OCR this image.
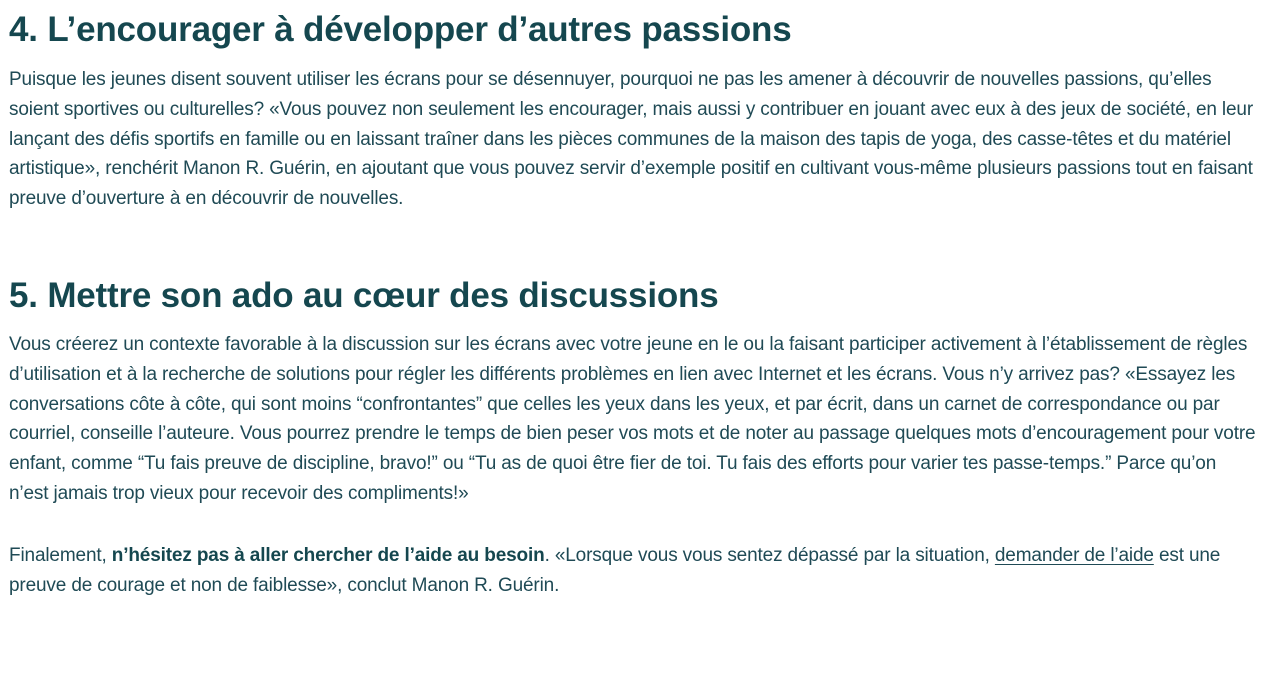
4. L’encourager à développer d’autres passions

Puisque les jeunes disent souvent utiliser les écrans pour se désennuyer, pourquoi ne pas les amener à découvrir de nouvelles passions, qu’elles soient sportives ou culturelles? «Vous pouvez non seulement les encourager, mais aussi y contribuer en jouant avec eux à des jeux de société, en leur lançant des défis sportifs en famille ou en laissant traîner dans les pièces communes de la maison des tapis de yoga, des casse-têtes et du matériel artistique», renchérit Manon R. Guérin, en ajoutant que vous pouvez servir d’exemple positif en cultivant vous-même plusieurs passions tout en faisant preuve d’ouverture à en découvrir de nouvelles.

5. Mettre son ado au cœur des discussions

Vous créerez un contexte favorable à la discussion sur les écrans avec votre jeune en le ou la faisant participer activement à l’établissement de règles d’utilisation et à la recherche de solutions pour régler les différents problèmes en lien avec Internet et les écrans. Vous n’y arrivez pas? «Essayez les conversations côte à côte, qui sont moins “confrontantes” que celles les yeux dans les yeux, et par écrit, dans un carnet de correspondance ou par courriel, conseille l’auteure. Vous pourrez prendre le temps de bien peser vos mots et de noter au passage quelques mots d’encouragement pour votre enfant, comme “Tu fais preuve de discipline, bravo!” ou “Tu as de quoi être fier de toi. Tu fais des efforts pour varier tes passe-temps.” Parce qu’on n’est jamais trop vieux pour recevoir des compliments!»

Finalement, n’hésitez pas à aller chercher de l’aide au besoin. «Lorsque vous vous sentez dépassé par la situation, demander de l’aide est une preuve de courage et non de faiblesse», conclut Manon R. Guérin.
